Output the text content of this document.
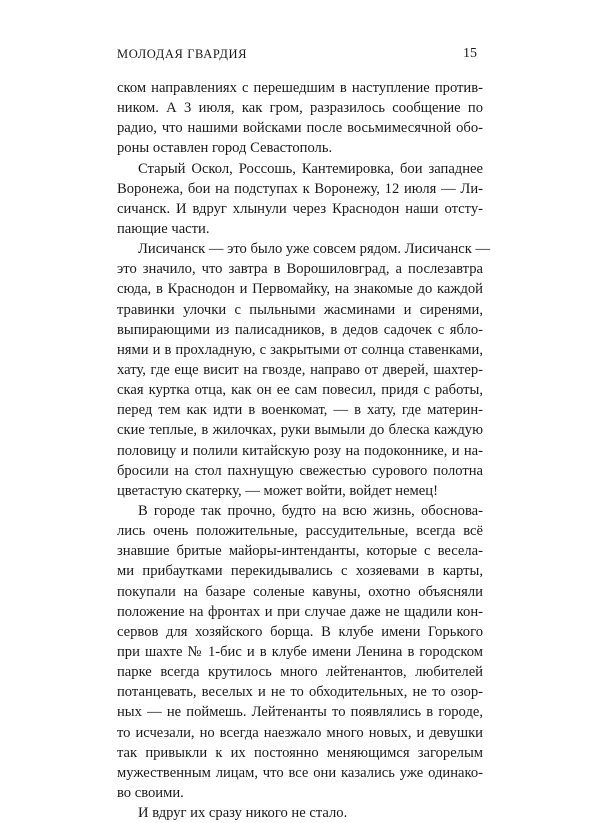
МОЛОДАЯ ГВАРДИЯ	15
ском направлениях с перешедшим в наступление против-
ником. А 3 июля, как гром, разразилось сообщение по
радио, что нашими войсками после восьмимесячной обо-
роны оставлен город Севастополь.
Старый Оскол, Россошь, Кантемировка, бои западнее
Воронежа, бои на подступах к Воронежу, 12 июля — Ли-
сичанск. И вдруг хлынули через Краснодон наши отсту-
пающие части.
Лисичанск — это было уже совсем рядом. Лисичанск —
это значило, что завтра в Ворошиловград, а послезавтра
сюда, в Краснодон и Первомайку, на знакомые до каждой
травинки улочки с пыльными жасминами и сиренями,
выпирающими из палисадников, в дедов садочек с ябло-
нями и в прохладную, с закрытыми от солнца ставенками,
хату, где еще висит на гвозде, направо от дверей, шахтер-
ская куртка отца, как он ее сам повесил, придя с работы,
перед тем как идти в военкомат, — в хату, где материн-
ские теплые, в жилочках, руки вымыли до блеска каждую
половицу и полили китайскую розу на подоконнике, и на-
бросили на стол пахнущую свежестью сурового полотна
цветастую скатерку, — может войти, войдет немец!
В городе так прочно, будто на всю жизнь, обоснова-
лись очень положительные, рассудительные, всегда всё
знавшие бритые майоры-интенданты, которые с весела-
ми прибаутками перекидывались с хозяевами в карты,
покупали на базаре соленые кавуны, охотно объясняли
положение на фронтах и при случае даже не щадили кон-
сервов для хозяйского борща. В клубе имени Горького
при шахте № 1-бис и в клубе имени Ленина в городском
парке всегда крутилось много лейтенантов, любителей
потанцевать, веселых и не то обходительных, не то озор-
ных — не поймешь. Лейтенанты то появлялись в городе,
то исчезали, но всегда наезжало много новых, и девушки
так привыкли к их постоянно меняющимся загорелым
мужественным лицам, что все они казались уже одинако-
во своими.
И вдруг их сразу никого не стало.
